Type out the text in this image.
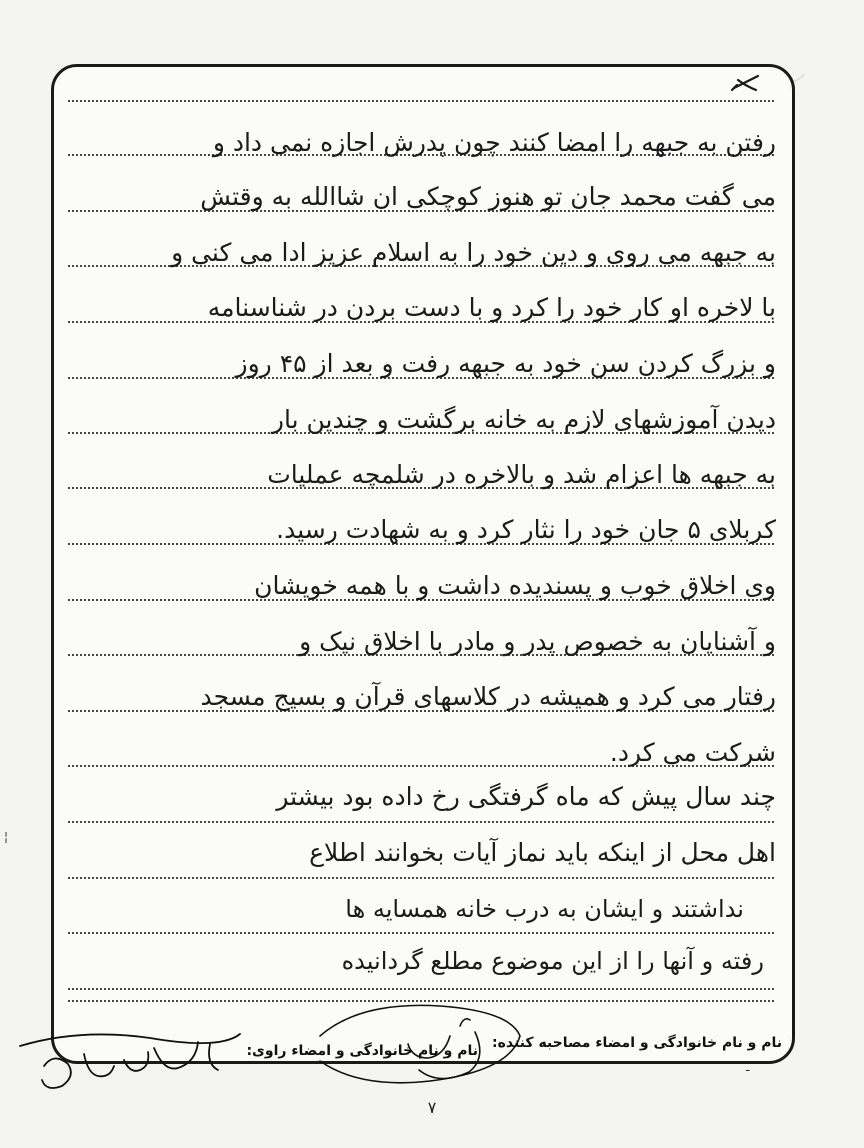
رفتن به جبهه را امضا کنند چون پدرش اجازه نمی داد و

می گفت محمد جان تو هنوز کوچکی ان شاالله به وقتش

به جبهه می روی و دین خود را به اسلام عزیز ادا می کنی و

با لاخره او کار خود را کرد و با دست بردن در شناسنامه

و بزرگ کردن سن خود به جبهه رفت و بعد از ۴۵ روز

دیدن آموزشهای لازم به خانه برگشت و چندین بار

به جبهه ها اعزام شد و بالاخره در شلمچه عملیات

کربلای ۵ جان خود را نثار کرد و به شهادت رسید.

وی اخلاق خوب و پسندیده داشت و با همه خویشان

و آشنایان به خصوص پدر و مادر با اخلاق نیک و

رفتار می کرد و همیشه در کلاسهای قرآن و بسیج مسجد

شرکت می کرد.

چند سال پیش که ماه گرفتگی رخ داده بود بیشتر

اهل محل از اینکه باید نماز آیات بخوانند اطلاع

نداشتند و ایشان به درب خانه همسایه ها

رفته و آنها را از این موضوع مطلع گردانیده

نام و نام خانوادگی و امضاء مصاحبه کننده:
نام و نام خانوادگی و امضاء راوی:
¦
ـ
۷
